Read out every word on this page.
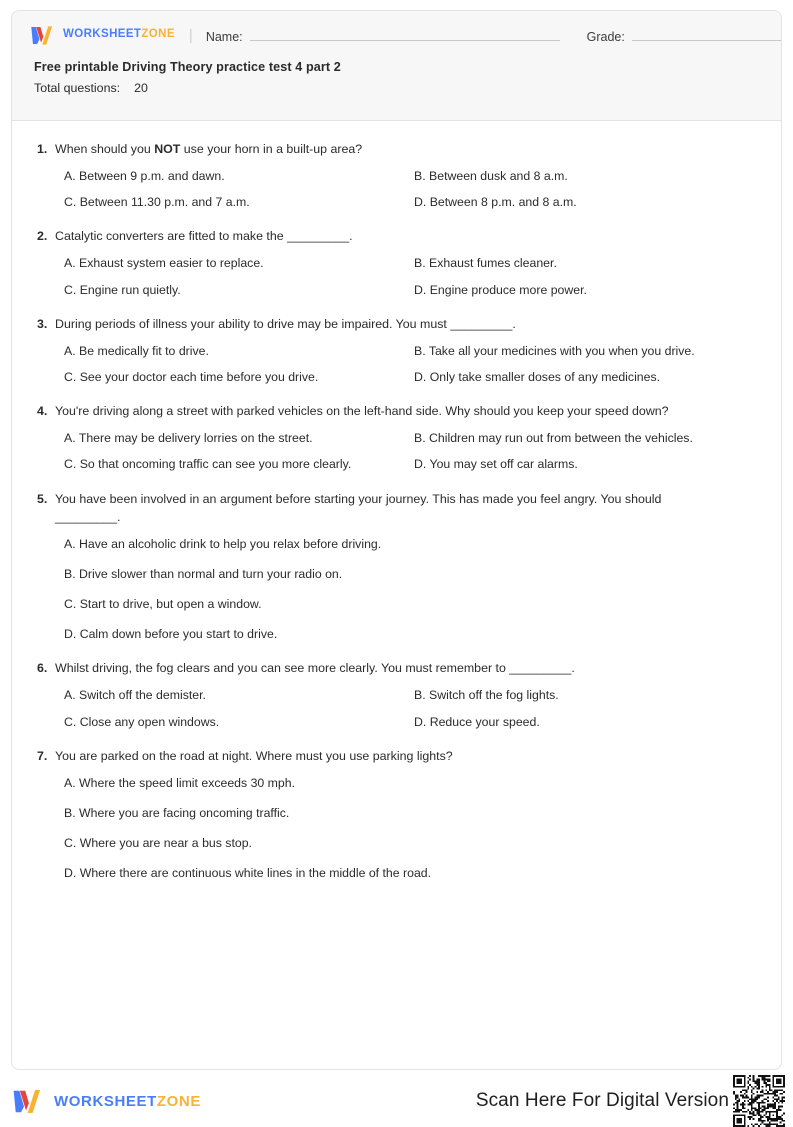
WORKSHEETZONE | Name:	Grade:
Free printable Driving Theory practice test 4 part 2
Total questions: 20
1. When should you NOT use your horn in a built-up area?
A. Between 9 p.m. and dawn.	B. Between dusk and 8 a.m.
C. Between 11.30 p.m. and 7 a.m.	D. Between 8 p.m. and 8 a.m.
2. Catalytic converters are fitted to make the _________.
A. Exhaust system easier to replace.	B. Exhaust fumes cleaner.
C. Engine run quietly.	D. Engine produce more power.
3. During periods of illness your ability to drive may be impaired. You must _________.
A. Be medically fit to drive.	B. Take all your medicines with you when you drive.
C. See your doctor each time before you drive.	D. Only take smaller doses of any medicines.
4. You're driving along a street with parked vehicles on the left-hand side. Why should you keep your speed down?
A. There may be delivery lorries on the street.	B. Children may run out from between the vehicles.
C. So that oncoming traffic can see you more clearly.	D. You may set off car alarms.
5. You have been involved in an argument before starting your journey. This has made you feel angry. You should _________.
A. Have an alcoholic drink to help you relax before driving.
B. Drive slower than normal and turn your radio on.
C. Start to drive, but open a window.
D. Calm down before you start to drive.
6. Whilst driving, the fog clears and you can see more clearly. You must remember to _________.
A. Switch off the demister.	B. Switch off the fog lights.
C. Close any open windows.	D. Reduce your speed.
7. You are parked on the road at night. Where must you use parking lights?
A. Where the speed limit exceeds 30 mph.
B. Where you are facing oncoming traffic.
C. Where you are near a bus stop.
D. Where there are continuous white lines in the middle of the road.
WORKSHEETZONE	Scan Here For Digital Version
